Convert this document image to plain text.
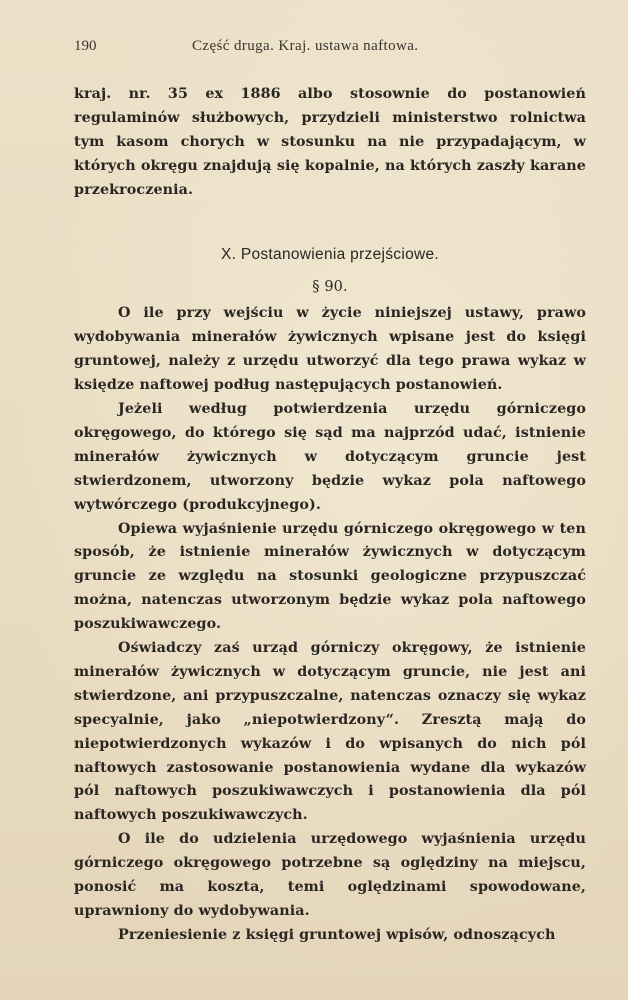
190	Część druga. Kraj. ustawa naftowa.

kraj. nr. 35 ex 1886 albo stosownie do postanowień regulaminów służbowych, przydzieli ministerstwo rolnictwa tym kasom chorych w stosunku na nie przypadającym, w których okręgu znajdują się kopalnie, na których zaszły karane przekroczenia.

X. Postanowienia przejściowe.
§ 90.

O ile przy wejściu w życie niniejszej ustawy, prawo wydobywania minerałów żywicznych wpisane jest do księgi gruntowej, należy z urzędu utworzyć dla tego prawa wykaz w księdze naftowej podług następujących postanowień.

Jeżeli według potwierdzenia urzędu górniczego okręgowego, do którego się sąd ma najprzód udać, istnienie minerałów żywicznych w dotyczącym gruncie jest stwierdzonem, utworzony będzie wykaz pola naftowego wytwórczego (produkcyjnego).

Opiewa wyjaśnienie urzędu górniczego okręgowego w ten sposób, że istnienie minerałów żywicznych w dotyczącym gruncie ze względu na stosunki geologiczne przypuszczać można, natenczas utworzonym będzie wykaz pola naftowego poszukiwawczego.

Oświadczy zaś urząd górniczy okręgowy, że istnienie minerałów żywicznych w dotyczącym gruncie, nie jest ani stwierdzone, ani przypuszczalne, natenczas oznaczy się wykaz specyalnie, jako „niepotwierdzony“. Zresztą mają do niepotwierdzonych wykazów i do wpisanych do nich pól naftowych zastosowanie postanowienia wydane dla wykazów pól naftowych poszukiwawczych i postanowienia dla pól naftowych poszukiwawczych.

O ile do udzielenia urzędowego wyjaśnienia urzędu górniczego okręgowego potrzebne są oględziny na miejscu, ponosić ma koszta, temi oględzinami spowodowane, uprawniony do wydobywania.

Przeniesienie z księgi gruntowej wpisów, odnoszących
